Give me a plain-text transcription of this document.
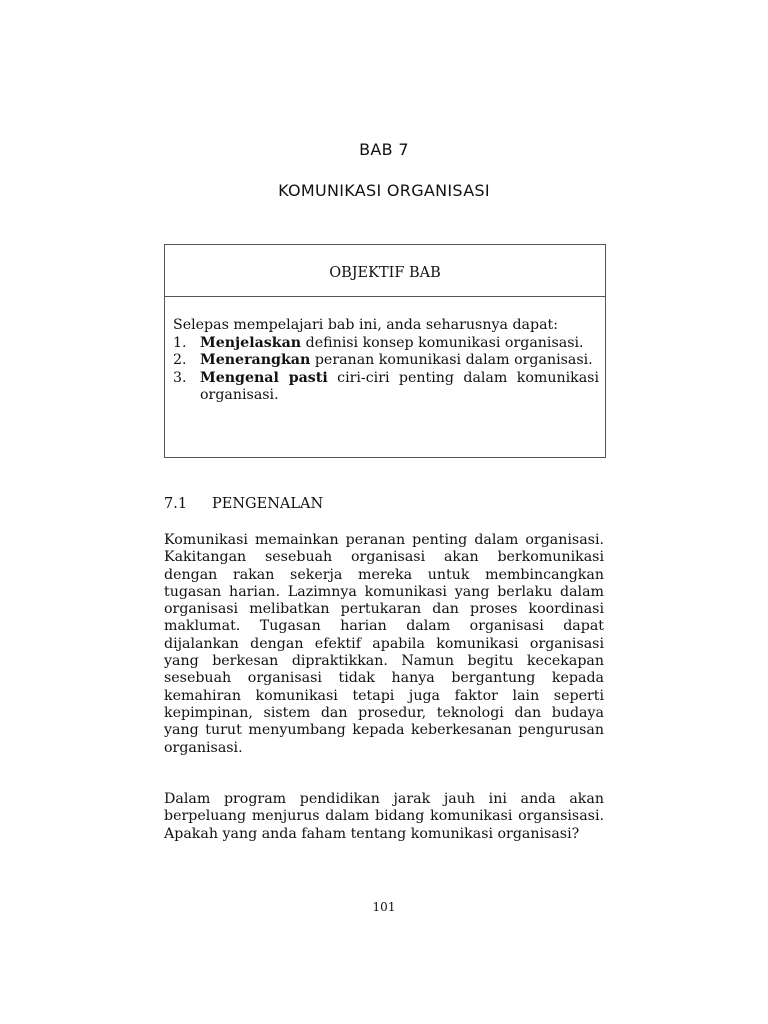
BAB 7
KOMUNIKASI ORGANISASI
OBJEKTIF BAB

Selepas mempelajari bab ini, anda seharusnya dapat:

1. Menjelaskan definisi konsep komunikasi organisasi.
2. Menerangkan peranan komunikasi dalam organisasi.
3. Mengenal pasti ciri-ciri penting dalam komunikasi organisasi.
7.1	PENGENALAN

Komunikasi memainkan peranan penting dalam organisasi. Kakitangan sesebuah organisasi akan berkomunikasi dengan rakan sekerja mereka untuk membincangkan tugasan harian. Lazimnya komunikasi yang berlaku dalam organisasi melibatkan pertukaran dan proses koordinasi maklumat. Tugasan harian dalam organisasi dapat dijalankan dengan efektif apabila komunikasi organisasi yang berkesan dipraktikkan. Namun begitu kecekapan sesebuah organisasi tidak hanya bergantung kepada kemahiran komunikasi tetapi juga faktor lain seperti kepimpinan, sistem dan prosedur, teknologi dan budaya yang turut menyumbang kepada keberkesanan pengurusan organisasi.

Dalam program pendidikan jarak jauh ini anda akan berpeluang menjurus dalam bidang komunikasi organsisasi. Apakah yang anda faham tentang komunikasi organisasi?

101
